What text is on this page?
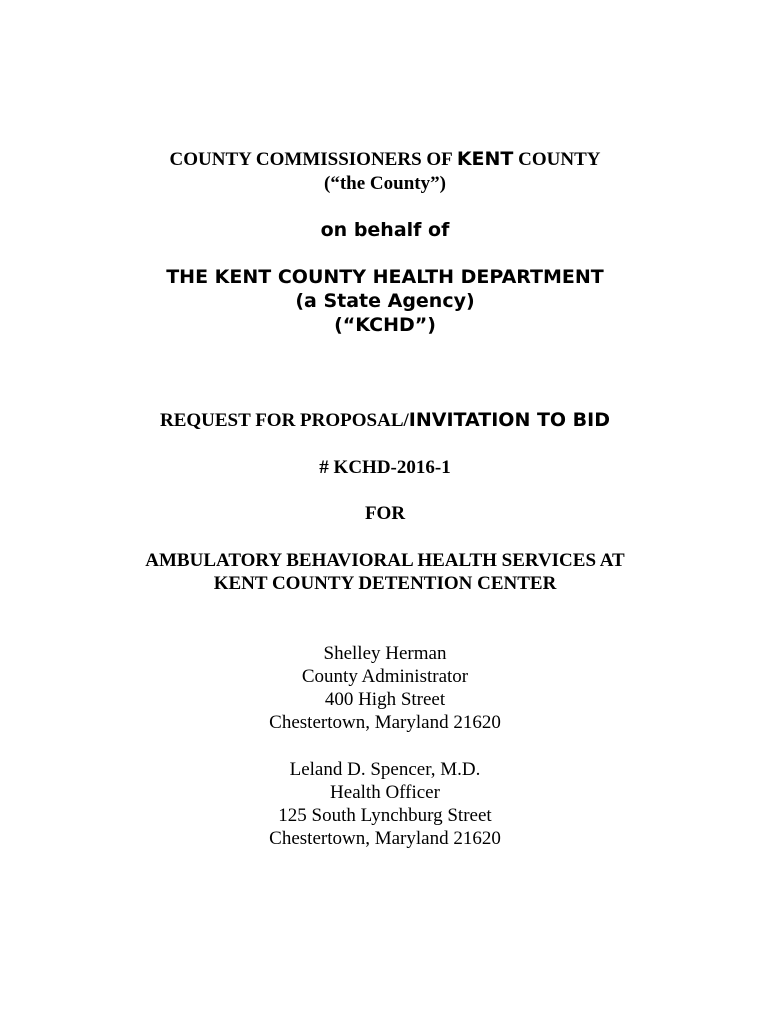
COUNTY COMMISSIONERS OF KENT COUNTY
(“the County”)
on behalf of
THE KENT COUNTY HEALTH DEPARTMENT
(a State Agency)
(“KCHD”)
REQUEST FOR PROPOSAL/INVITATION TO BID
# KCHD-2016-1
FOR
AMBULATORY BEHAVIORAL HEALTH SERVICES AT
KENT COUNTY DETENTION CENTER
Shelley Herman
County Administrator
400 High Street
Chestertown, Maryland 21620
Leland D. Spencer, M.D.
Health Officer
125 South Lynchburg Street
Chestertown, Maryland 21620
